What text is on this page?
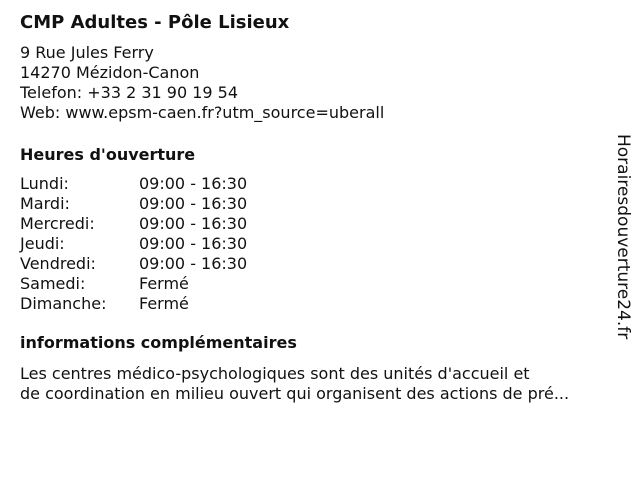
CMP Adultes - Pôle Lisieux
9 Rue Jules Ferry
14270 Mézidon-Canon
Telefon: +33 2 31 90 19 54
Web: www.epsm-caen.fr?utm_source=uberall
Heures d'ouverture
Lundi:	09:00 - 16:30
Mardi:	09:00 - 16:30
Mercredi:	09:00 - 16:30
Jeudi:	09:00 - 16:30
Vendredi:	09:00 - 16:30
Samedi:	Fermé
Dimanche:	Fermé
informations complémentaires
Les centres médico-psychologiques sont des unités d'accueil et
de coordination en milieu ouvert qui organisent des actions de pré...
Horairesdouverture24.fr
